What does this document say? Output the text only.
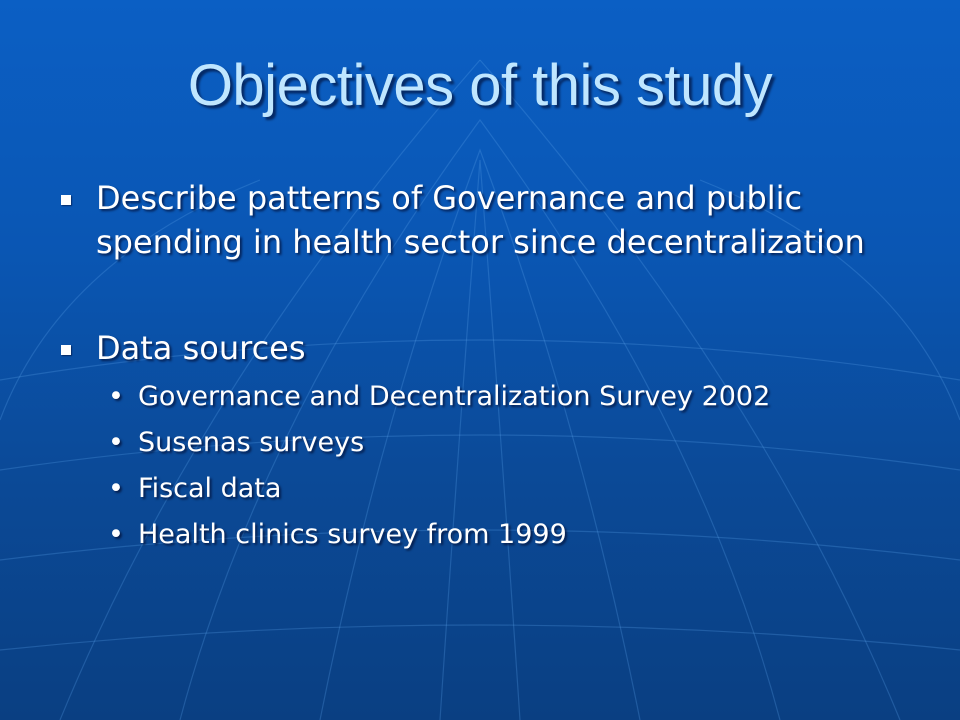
Objectives of this study
Describe patterns of Governance and public spending in health sector since decentralization
Data sources
• Governance and Decentralization Survey 2002
• Susenas surveys
• Fiscal data
• Health clinics survey from 1999
